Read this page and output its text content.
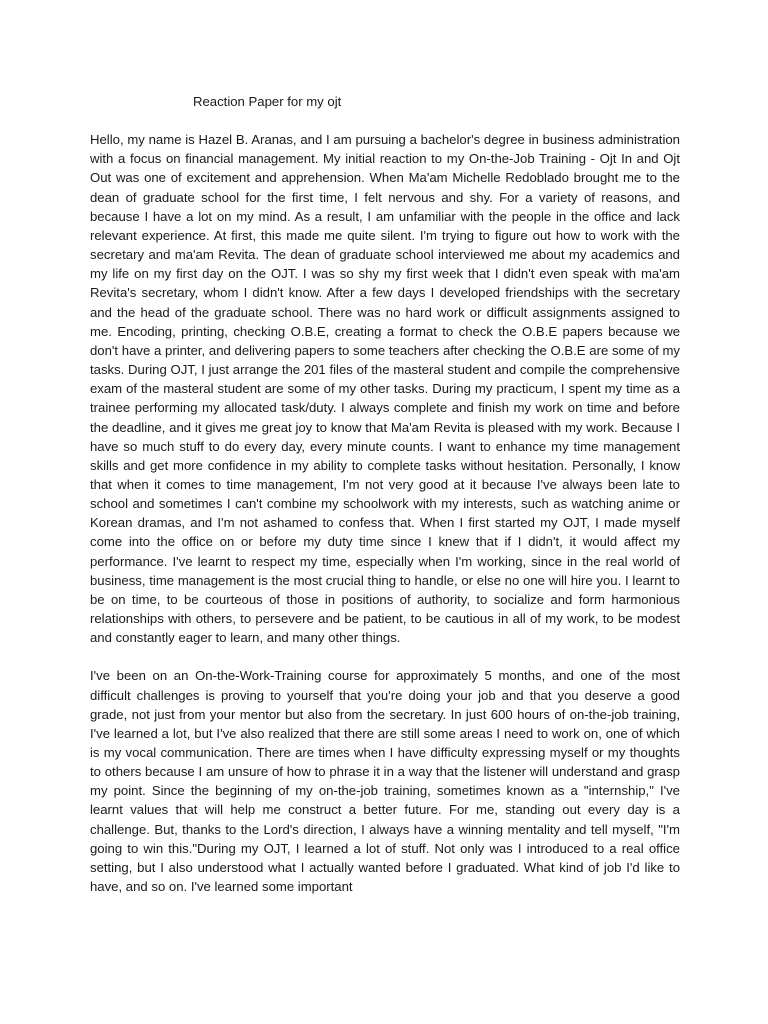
Reaction Paper for my ojt

Hello, my name is Hazel B. Aranas, and I am pursuing a bachelor's degree in business administration with a focus on financial management. My initial reaction to my On-the-Job Training - Ojt In and Ojt Out was one of excitement and apprehension. When Ma'am Michelle Redoblado brought me to the dean of graduate school for the first time, I felt nervous and shy. For a variety of reasons, and because I have a lot on my mind. As a result, I am unfamiliar with the people in the office and lack relevant experience. At first, this made me quite silent. I'm trying to figure out how to work with the secretary and ma'am Revita. The dean of graduate school interviewed me about my academics and my life on my first day on the OJT. I was so shy my first week that I didn't even speak with ma'am Revita's secretary, whom I didn't know. After a few days I developed friendships with the secretary and the head of the graduate school. There was no hard work or difficult assignments assigned to me. Encoding, printing, checking O.B.E, creating a format to check the O.B.E papers because we don't have a printer, and delivering papers to some teachers after checking the O.B.E are some of my tasks. During OJT, I just arrange the 201 files of the masteral student and compile the comprehensive exam of the masteral student are some of my other tasks. During my practicum, I spent my time as a trainee performing my allocated task/duty. I always complete and finish my work on time and before the deadline, and it gives me great joy to know that Ma'am Revita is pleased with my work. Because I have so much stuff to do every day, every minute counts. I want to enhance my time management skills and get more confidence in my ability to complete tasks without hesitation. Personally, I know that when it comes to time management, I'm not very good at it because I've always been late to school and sometimes I can't combine my schoolwork with my interests, such as watching anime or Korean dramas, and I'm not ashamed to confess that. When I first started my OJT, I made myself come into the office on or before my duty time since I knew that if I didn't, it would affect my performance. I've learnt to respect my time, especially when I'm working, since in the real world of business, time management is the most crucial thing to handle, or else no one will hire you. I learnt to be on time, to be courteous of those in positions of authority, to socialize and form harmonious relationships with others, to persevere and be patient, to be cautious in all of my work, to be modest and constantly eager to learn, and many other things.

I've been on an On-the-Work-Training course for approximately 5 months, and one of the most difficult challenges is proving to yourself that you're doing your job and that you deserve a good grade, not just from your mentor but also from the secretary. In just 600 hours of on-the-job training, I've learned a lot, but I've also realized that there are still some areas I need to work on, one of which is my vocal communication. There are times when I have difficulty expressing myself or my thoughts to others because I am unsure of how to phrase it in a way that the listener will understand and grasp my point. Since the beginning of my on-the-job training, sometimes known as a "internship," I've learnt values that will help me construct a better future. For me, standing out every day is a challenge. But, thanks to the Lord's direction, I always have a winning mentality and tell myself, "I'm going to win this."During my OJT, I learned a lot of stuff. Not only was I introduced to a real office setting, but I also understood what I actually wanted before I graduated. What kind of job I'd like to have, and so on. I've learned some important
